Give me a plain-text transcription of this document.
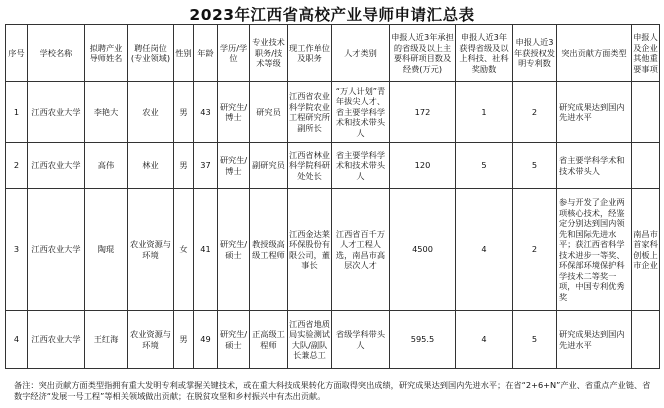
2023年江西省高校产业导师申请汇总表
序号	学校名称	拟聘产业导师姓名	聘任岗位(专业领域)	性别	年龄	学历/学位	专业技术职务/技术等级	现工作单位及职务	人才类别	申报人近3年承担的省级及以上主要科研项目数及经费(万元)	申报人近3年获得省级及以上科技、社科奖励数	申报人近3年获授权发明专利数	突出贡献方面类型	申报人及企业其他重要事项
1	江西农业大学	李艳大	农业	男	43	研究生/博士	研究员	江西省农业科学院农业工程研究所副所长	“万人计划”青年拔尖人才、省主要学科学术和技术带头人	172	1	2	研究成果达到国内先进水平	
2	江西农业大学	高伟	林业	男	37	研究生/博士	副研究员	江西省林业科学院科研处处长	省主要学科学术和技术带头人	120	5	5	省主要学科学术和技术带头人	
3	江西农业大学	陶琨	农业资源与环境	女	41	研究生/硕士	教授级高级工程师	江西金达莱环保股份有限公司，董事长	江西省百千万人才工程人选，南昌市高层次人才	4500	4	2	参与开发了企业两项核心技术，经鉴定分别达到国内领先和国际先进水平；获江西省科学技术进步一等奖、环保部环境保护科学技术二等奖一项，中国专利优秀奖	南昌市首家科创板上市企业
4	江西农业大学	王红海	农业资源与环境	男	49	研究生/硕士	正高级工程师	江西省地质局实验测试大队/副队长兼总工	省级学科带头人	595.5	4	5	研究成果达到国内先进水平	
备注：突出贡献方面类型指拥有重大发明专利或掌握关键技术，或在重大科技成果转化方面取得突出成绩，研究成果达到国内先进水平；在省“2+6+N”产业、省重点产业链、省数字经济“发展一号工程”等相关领域做出贡献；在脱贫攻坚和乡村振兴中有杰出贡献。
